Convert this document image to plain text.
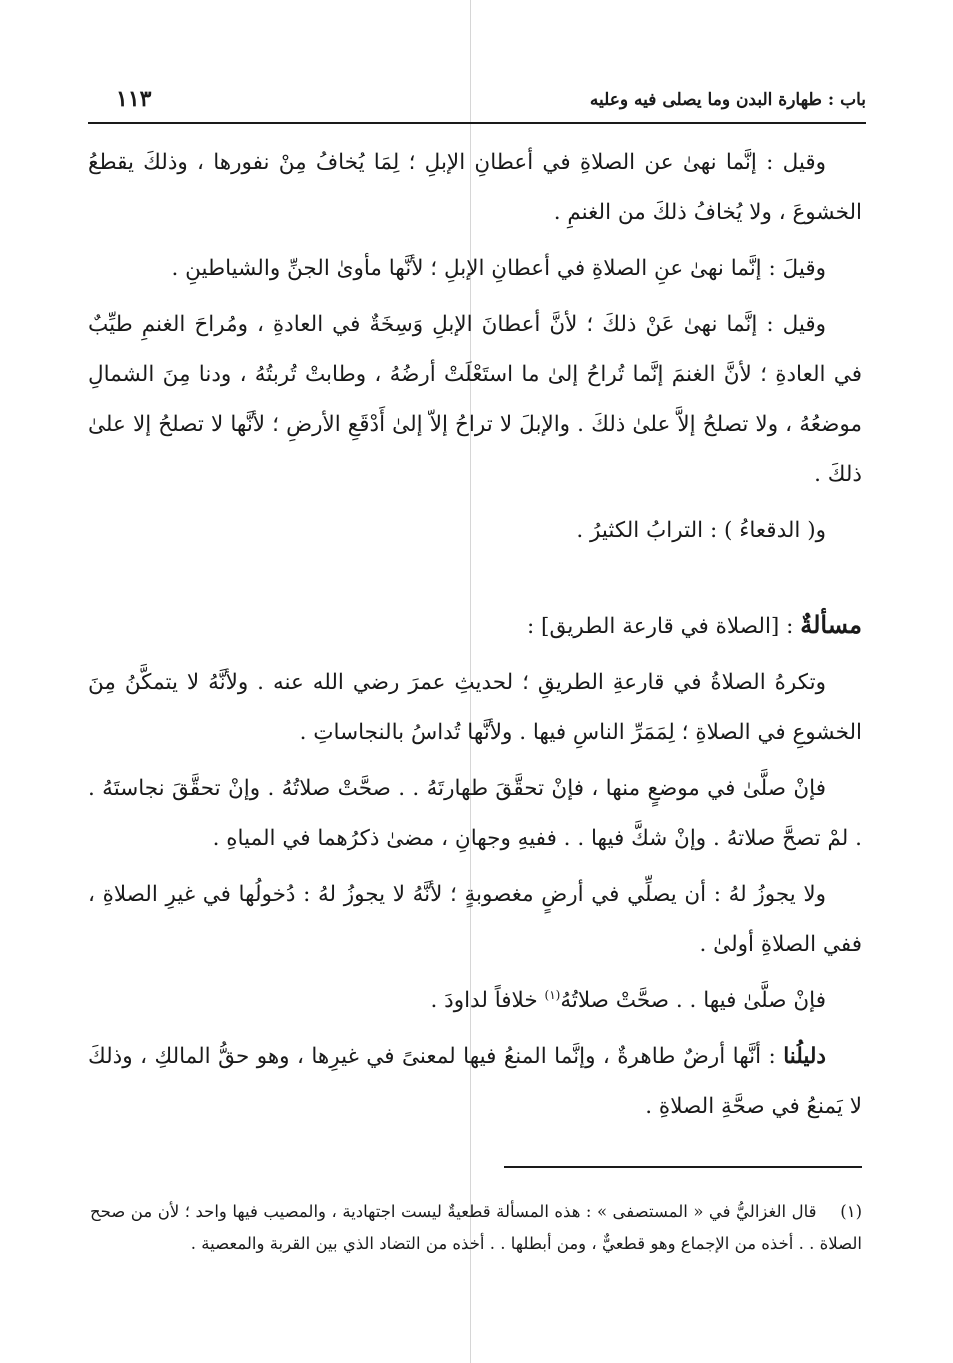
باب : طهارة البدن وما يصلى فيه وعليه
١١٣

وقيل : إنَّما نهىٰ عن الصلاةِ في أعطانِ الإبلِ ؛ لِمَا يُخافُ مِنْ نفورها ، وذلكَ يقطعُ الخشوعَ ، ولا يُخافُ ذلكَ من الغنمِ .

وقيلَ : إنَّما نهىٰ عنِ الصلاةِ في أعطانِ الإبلِ ؛ لأنَّها مأوىٰ الجنِّ والشياطينِ .

وقيل : إنَّما نهىٰ عَنْ ذلكَ ؛ لأنَّ أعطانَ الإبلِ وَسِخَةٌ في العادةِ ، ومُراحَ الغنمِ طيِّبٌ في العادةِ ؛ لأنَّ الغنمَ إنَّما تُراحُ إلىٰ ما استَعْلَتْ أرضُهُ ، وطابتْ تُربتُهُ ، ودنا مِنَ الشمالِ موضعُهُ ، ولا تصلحُ إلاَّ علىٰ ذلكَ . والإبلَ لا تراحُ إلاّ إلىٰ أَدْقَعِ الأرضِ ؛ لأنَّها لا تصلحُ إلا علىٰ ذلكَ .

و( الدقعاءُ ) : الترابُ الكثيرُ .

مسألةٌ : [الصلاة في قارعة الطريق] :

وتكرهُ الصلاةُ في قارعةِ الطريقِ ؛ لحديثِ عمرَ رضي الله عنه . ولأنَّهُ لا يتمكَّنُ مِنَ الخشوعِ في الصلاةِ ؛ لِمَمَرِّ الناسِ فيها . ولأنَّها تُداسُ بالنجاساتِ .

فإنْ صلَّىٰ في موضعٍ منها ، فإنْ تحقَّقَ طهارتَهُ . . صحَّتْ صلاتُهُ . وإنْ تحقَّقَ نجاستَهُ . . لمْ تصحَّ صلاتهُ . وإنْ شكَّ فيها . . ففيهِ وجهانِ ، مضىٰ ذكرُهما في المياهِ .

ولا يجوزُ لهُ : أن يصلِّي في أرضٍ مغصوبةٍ ؛ لأنَّهُ لا يجوزُ لهُ : دُخولُها في غيرِ الصلاةِ ، ففي الصلاةِ أولىٰ .

فإنْ صلَّىٰ فيها . . صحَّتْ صلاتُهُ$^{(١)}$ خلافاً لداودَ .

دليلُنا : أنَّها أرضٌ طاهرةٌ ، وإنَّما المنعُ فيها لمعنىً في غيرِها ، وهو حقُّ المالكِ ، وذلكَ لا يَمنعُ في صحَّةِ الصلاةِ .

(١) قال الغزاليُّ في « المستصفى » : هذه المسألة قطعيةٌ ليست اجتهادية ، والمصيب فيها واحد ؛ لأن من صحح الصلاة . . أخذه من الإجماع وهو قطعيٌّ ، ومن أبطلها . . أخذه من التضاد الذي بين القربة والمعصية .
